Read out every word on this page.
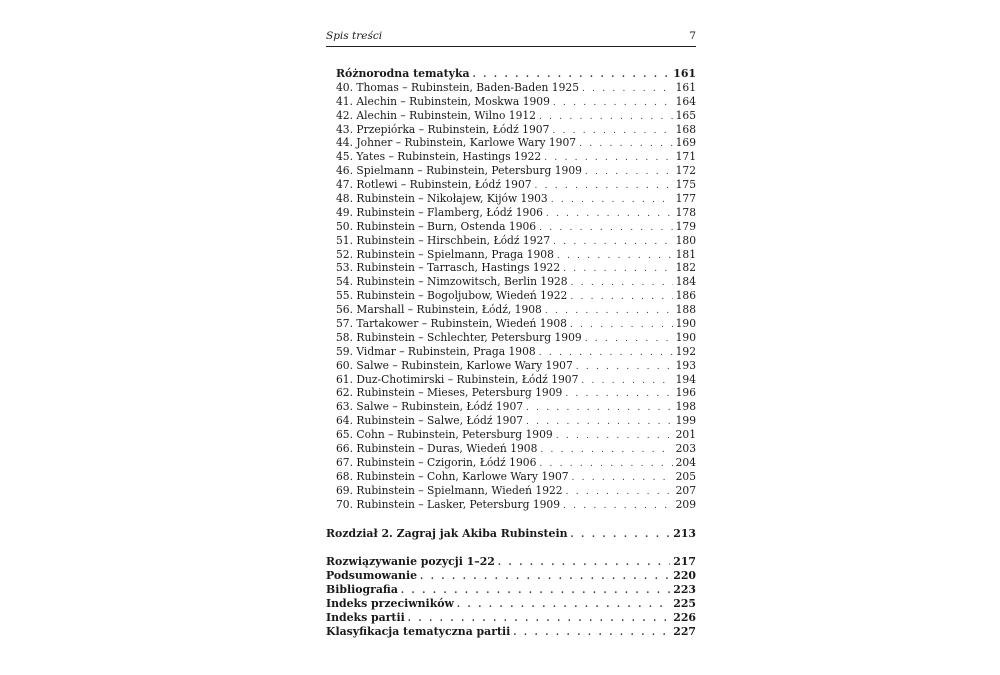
Spis treści	7
Różnorodna tematyka . . .	161
40. Thomas – Rubinstein, Baden-Baden 1925 . . .	161
41. Alechin – Rubinstein, Moskwa 1909 . . .	164
42. Alechin – Rubinstein, Wilno 1912 . . .	165
43. Przepiórka – Rubinstein, Łódź 1907 . . .	168
44. Johner – Rubinstein, Karlowe Wary 1907 . . .	169
45. Yates – Rubinstein, Hastings 1922 . . .	171
46. Spielmann – Rubinstein, Petersburg 1909 . . .	172
47. Rotlewi – Rubinstein, Łódź 1907 . . .	175
48. Rubinstein – Nikołajew, Kijów 1903 . . .	177
49. Rubinstein – Flamberg, Łódź 1906 . . .	178
50. Rubinstein – Burn, Ostenda 1906 . . .	179
51. Rubinstein – Hirschbein, Łódź 1927 . . .	180
52. Rubinstein – Spielmann, Praga 1908 . . .	181
53. Rubinstein – Tarrasch, Hastings 1922 . . .	182
54. Rubinstein – Nimzowitsch, Berlin 1928 . . .	184
55. Rubinstein – Bogoljubow, Wiedeń 1922 . . .	186
56. Marshall – Rubinstein, Łódź, 1908 . . .	188
57. Tartakower – Rubinstein, Wiedeń 1908 . . .	190
58. Rubinstein – Schlechter, Petersburg 1909 . . .	190
59. Vidmar – Rubinstein, Praga 1908 . . .	192
60. Salwe – Rubinstein, Karlowe Wary 1907 . . .	193
61. Duz-Chotimirski – Rubinstein, Łódź 1907 . . .	194
62. Rubinstein – Mieses, Petersburg 1909 . . .	196
63. Salwe – Rubinstein, Łódź 1907 . . .	198
64. Rubinstein – Salwe, Łódź 1907 . . .	199
65. Cohn – Rubinstein, Petersburg 1909 . . .	201
66. Rubinstein – Duras, Wiedeń 1908 . . .	203
67. Rubinstein – Czigorin, Łódź 1906 . . .	204
68. Rubinstein – Cohn, Karlowe Wary 1907 . . .	205
69. Rubinstein – Spielmann, Wiedeń 1922 . . .	207
70. Rubinstein – Lasker, Petersburg 1909 . . .	209
Rozdział 2. Zagraj jak Akiba Rubinstein . . .	213
Rozwiązywanie pozycji 1–22 . . .	217
Podsumowanie . . .	220
Bibliografia . . .	223
Indeks przeciwników . . .	225
Indeks partii . . .	226
Klasyfikacja tematyczna partii . . .	227
